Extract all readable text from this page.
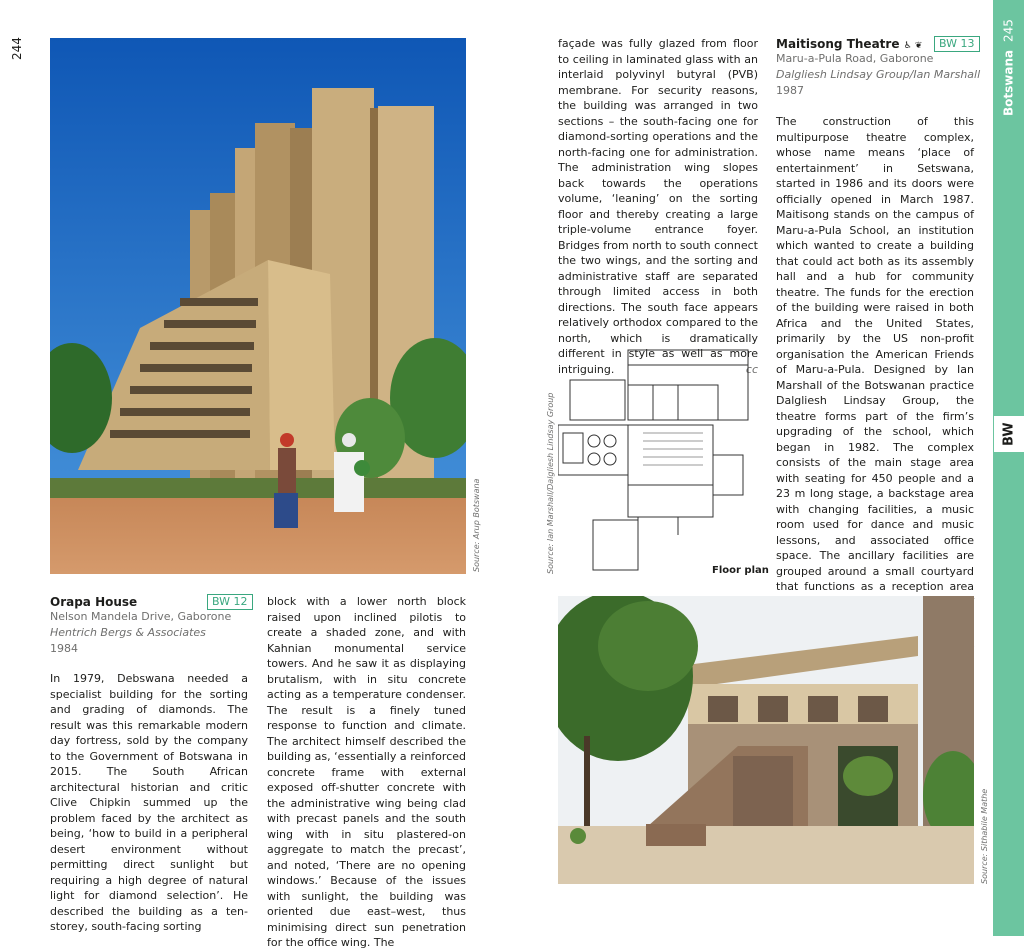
244
Source: Arup Botswana
Orapa House	BW 12
Nelson Mandela Drive, Gaborone
Hentrich Bergs & Associates
1984

In 1979, Debswana needed a specialist building for the sorting and grading of diamonds. The result was this remarkable modern day fortress, sold by the company to the Government of Botswana in 2015. The South African architectural historian and critic Clive Chipkin summed up the problem faced by the architect as being, ‘how to build in a peripheral desert environment without permitting direct sunlight but requiring a high degree of natural light for diamond selection’. He described the building as a ten-storey, south-facing sorting

block with a lower north block raised upon inclined pilotis to create a shaded zone, and with Kahnian monumental service towers. And he saw it as displaying brutalism, with in situ concrete acting as a temperature condenser. The result is a finely tuned response to function and climate. The architect himself described the building as, ‘essentially a reinforced concrete frame with external exposed off-shutter concrete with the administrative wing being clad with precast panels and the south wing with in situ plastered-on aggregate to match the precast’, and noted, ‘There are no opening windows.’ Because of the issues with sunlight, the building was oriented due east–west, thus minimising direct sun penetration for the office wing. The

façade was fully glazed from floor to ceiling in laminated glass with an interlaid polyvinyl butyral (PVB) membrane. For security reasons, the building was arranged in two sections – the south-facing one for diamond-sorting operations and the north-facing one for administration. The administration wing slopes back towards the operations volume, ‘leaning’ on the sorting floor and thereby creating a large triple-volume entrance foyer. Bridges from north to south connect the two wings, and the sorting and administrative staff are separated through limited access in both directions. The south face appears relatively orthodox compared to the north, which is dramatically different in style as well as more intriguing.	cc

Source: Ian Marshall/Dalgliesh Lindsay Group	Floor plan
Maitisong Theatre ♿ ❦	BW 13
Maru-a-Pula Road, Gaborone
Dalgliesh Lindsay Group/Ian Marshall
1987

The construction of this multipurpose theatre complex, whose name means ‘place of entertainment’ in Setswana, started in 1986 and its doors were officially opened in March 1987. Maitisong stands on the campus of Maru-a-Pula School, an institution which wanted to create a building that could act both as its assembly hall and a hub for community theatre. The funds for the erection of the building were raised in both Africa and the United States, primarily by the US non-profit organisation the American Friends of Maru-a-Pula. Designed by Ian Marshall of the Botswanan practice Dalgliesh Lindsay Group, the theatre forms part of the firm’s upgrading of the school, which began in 1982. The complex consists of the main stage area with seating for 450 people and a 23 m long stage, a backstage area with changing facilities, a music room used for dance and music lessons, and associated office space. The ancillary facilities are grouped around a small courtyard that functions as a reception area

Source: Sithabile Mathe
Botswana
245
BW
